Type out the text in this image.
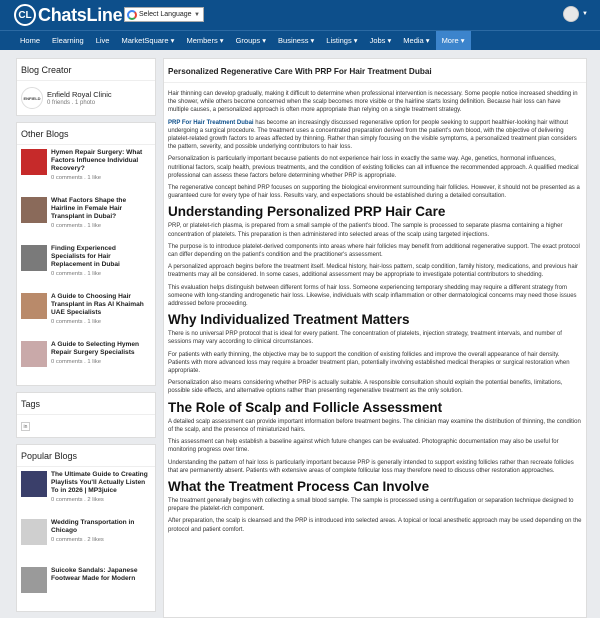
CL ChatsLine Select Language ▼	▼
Home	Elearning	Live	MarketSquare ▾	Members ▾	Groups ▾	Business ▾	Listings ▾	Jobs ▾	Media ▾	More ▾
Blog Creator
ENFIELD Enfield Royal Clinic
0 friends . 1 photo
Other Blogs
Hymen Repair Surgery: What Factors Influence Individual Recovery?
0 comments . 1 like
What Factors Shape the Hairline in Female Hair Transplant in Dubai?
0 comments . 1 like
Finding Experienced Specialists for Hair Replacement in Dubai
0 comments . 1 like
A Guide to Choosing Hair Transplant in Ras Al Khaimah UAE Specialists
0 comments . 1 like
A Guide to Selecting Hymen Repair Surgery Specialists
0 comments . 1 like
Tags
in
Popular Blogs
The Ultimate Guide to Creating Playlists You'll Actually Listen To in 2026 | MP3juice
0 comments . 2 likes
Wedding Transportation in Chicago
0 comments . 2 likes
Suicoke Sandals: Japanese Footwear Made for Modern
Personalized Regenerative Care With PRP For Hair Treatment Dubai

Hair thinning can develop gradually, making it difficult to determine when professional intervention is necessary. Some people notice increased shedding in the shower, while others become concerned when the scalp becomes more visible or the hairline starts losing definition. Because hair loss can have multiple causes, a personalized approach is often more appropriate than relying on a single treatment strategy.

PRP For Hair Treatment Dubai has become an increasingly discussed regenerative option for people seeking to support healthier-looking hair without undergoing a surgical procedure. The treatment uses a concentrated preparation derived from the patient's own blood, with the objective of delivering platelet-related growth factors to areas affected by thinning. Rather than simply focusing on the visible symptoms, a personalized treatment plan considers the pattern, severity, and possible underlying contributors to hair loss.

Personalization is particularly important because patients do not experience hair loss in exactly the same way. Age, genetics, hormonal influences, nutritional factors, scalp health, previous treatments, and the condition of existing follicles can all influence the recommended approach. A qualified medical professional can assess these factors before determining whether PRP is appropriate.

The regenerative concept behind PRP focuses on supporting the biological environment surrounding hair follicles. However, it should not be presented as a guaranteed cure for every type of hair loss. Results vary, and expectations should be established during a detailed consultation.

Understanding Personalized PRP Hair Care

PRP, or platelet-rich plasma, is prepared from a small sample of the patient's blood. The sample is processed to separate plasma containing a higher concentration of platelets. This preparation is then administered into selected areas of the scalp using targeted injections.

The purpose is to introduce platelet-derived components into areas where hair follicles may benefit from additional regenerative support. The exact protocol can differ depending on the patient's condition and the practitioner's assessment.

A personalized approach begins before the treatment itself. Medical history, hair-loss pattern, scalp condition, family history, medications, and previous hair treatments may all be considered. In some cases, additional assessment may be appropriate to investigate potential contributors to shedding.

This evaluation helps distinguish between different forms of hair loss. Someone experiencing temporary shedding may require a different strategy from someone with long-standing androgenetic hair loss. Likewise, individuals with scalp inflammation or other dermatological concerns may need those issues addressed before proceeding.

Why Individualized Treatment Matters

There is no universal PRP protocol that is ideal for every patient. The concentration of platelets, injection strategy, treatment intervals, and number of sessions may vary according to clinical circumstances.

For patients with early thinning, the objective may be to support the condition of existing follicles and improve the overall appearance of hair density. Patients with more advanced loss may require a broader treatment plan, potentially involving established medical therapies or surgical restoration when appropriate.

Personalization also means considering whether PRP is actually suitable. A responsible consultation should explain the potential benefits, limitations, possible side effects, and alternative options rather than presenting regenerative treatment as the only solution.

The Role of Scalp and Follicle Assessment

A detailed scalp assessment can provide important information before treatment begins. The clinician may examine the distribution of thinning, the condition of the scalp, and the presence of miniaturized hairs.

This assessment can help establish a baseline against which future changes can be evaluated. Photographic documentation may also be useful for monitoring progress over time.

Understanding the pattern of hair loss is particularly important because PRP is generally intended to support existing follicles rather than recreate follicles that are permanently absent. Patients with extensive areas of complete follicular loss may therefore need to discuss other restoration approaches.

What the Treatment Process Can Involve

The treatment generally begins with collecting a small blood sample. The sample is processed using a centrifugation or separation technique designed to prepare the platelet-rich component.

After preparation, the scalp is cleansed and the PRP is introduced into selected areas. A topical or local anesthetic approach may be used depending on the protocol and patient comfort.
